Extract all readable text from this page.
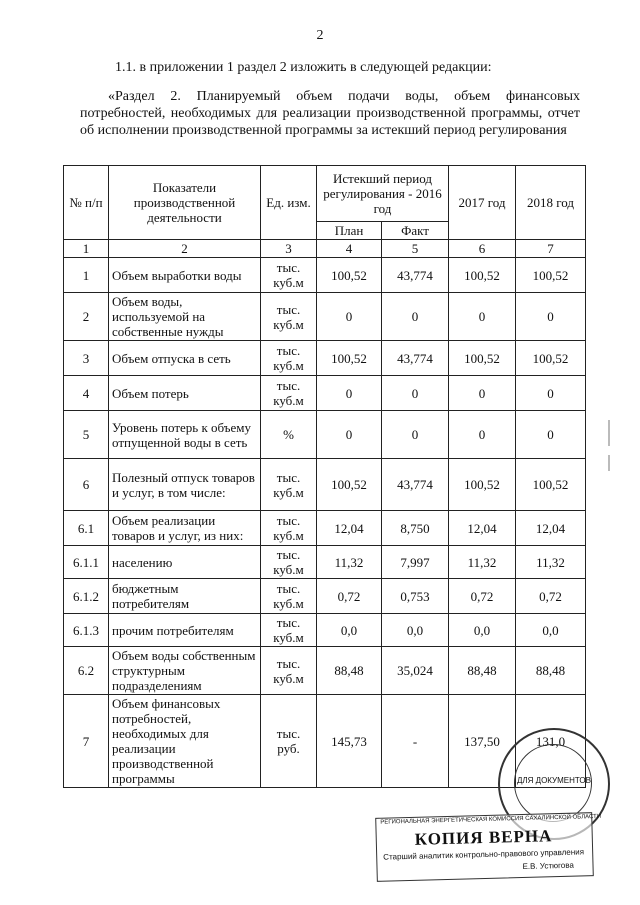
2
1.1. в приложении 1 раздел 2 изложить в следующей редакции:
«Раздел 2. Планируемый объем подачи воды, объем финансовых потребностей, необходимых для реализации производственной программы, отчет об исполнении производственной программы за истекший период регулирования
№ п/п	Показатели производственной деятельности	Ед. изм.	Истекший период регулирования - 2016 год		2017 год	2018 год
			План	Факт		
1	2	3	4	5	6	7
1	Объем выработки воды	тыс. куб.м	100,52	43,774	100,52	100,52
2	Объем воды, используемой на собственные нужды	тыс. куб.м	0	0	0	0
3	Объем отпуска в сеть	тыс. куб.м	100,52	43,774	100,52	100,52
4	Объем потерь	тыс. куб.м	0	0	0	0
5	Уровень потерь к объему отпущенной воды в сеть	%	0	0	0	0
6	Полезный отпуск товаров и услуг, в том числе:	тыс. куб.м	100,52	43,774	100,52	100,52
6.1	Объем реализации товаров и услуг, из них:	тыс. куб.м	12,04	8,750	12,04	12,04
6.1.1	населению	тыс. куб.м	11,32	7,997	11,32	11,32
6.1.2	бюджетным потребителям	тыс. куб.м	0,72	0,753	0,72	0,72
6.1.3	прочим потребителям	тыс. куб.м	0,0	0,0	0,0	0,0
6.2	Объем воды собственным структурным подразделениям	тыс. куб.м	88,48	35,024	88,48	88,48
7	Объем финансовых потребностей, необходимых для реализации производственной программы	тыс. руб.	145,73	-	137,50	131,0
ДЛЯ ДОКУМЕНТОВ
РЕГИОНАЛЬНАЯ ЭНЕРГЕТИЧЕСКАЯ КОМИССИЯ САХАЛИНСКОЙ ОБЛАСТИ
КОПИЯ ВЕРНА
Старший аналитик контрольно-правового управления
Е.В. Устюгова
